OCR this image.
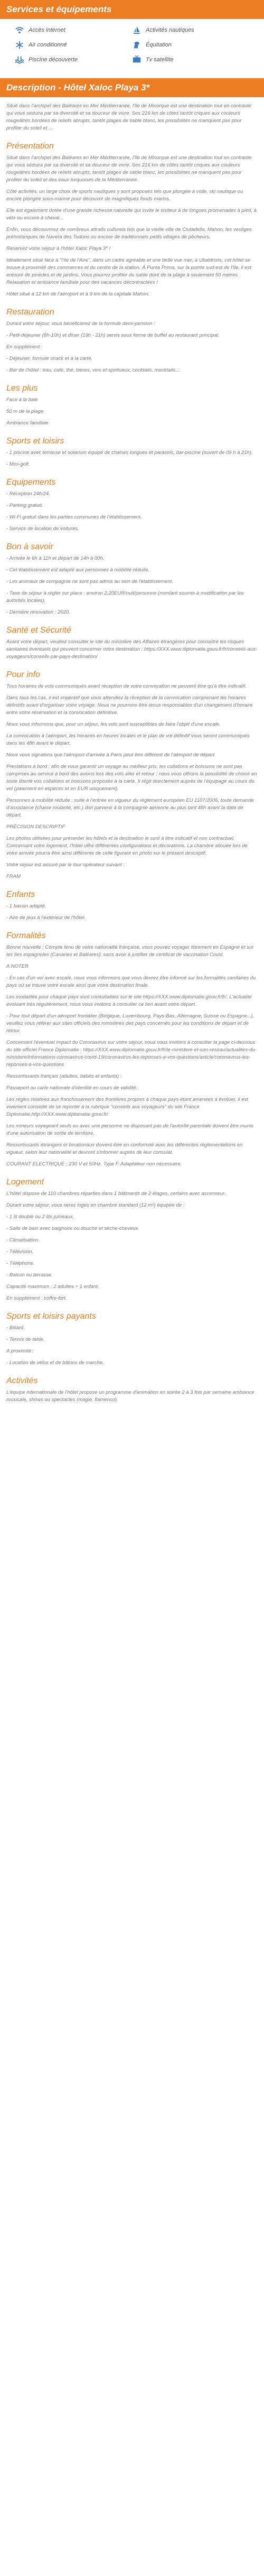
Services et équipements
Accès internet	Activités nautiques
Air conditionné	Équitation
Piscine découverte	Tv satellite
Description - Hôtel Xaloc Playa 3*

Situé dans l'archipel des Baléares en Mer Méditerranée, l'île de Minorque est une destination tout en contraste qui vous séduira par sa diversité et sa douceur de vivre. Ses 216 km de côtes tantôt criques aux couleurs rougeâtres bordées de reliefs abrupts, tantôt plages de sable blanc, les possibilités ne manquent pas pour profiter du soleil et ...

Présentation

Situé dans l'archipel des Baléares en Mer Méditerranée, l'île de Minorque est une destination tout en contraste qui vous séduira par sa diversité et sa douceur de vivre. Ses 216 km de côtes tantôt criques aux couleurs rougeâtres bordées de reliefs abrupts, tantôt plages de sable blanc, les possibilités ne manquent pas pour profiter du soleil et des eaux turquoises de la Méditerranée.

Côté activités, un large choix de sports nautiques y sont proposés tels que plongée à voile, ski nautique ou encore plongée sous-marine pour découvrir de magnifiques fonds marins.

Elle est également dotée d'une grande richesse naturelle qui invite le visiteur à de longues promenades à pied, à vélo ou encore à cheval...

Enfin, vous découvrirez de nombreux attraits culturels tels que la vieille ville de Ciutadella, Mahon, les vestiges préhistoriques de Naveta des Tudons ou encore de traditionnels petits villages de pêcheurs.

Réservez votre séjour à l'hôtel Xaloc Playa 3* !

Idéalement situé face à "l'île de l'Aire", dans un cadre agréable et une belle vue mer, à Ubaldrons, cet hôtel se trouve à proximité des commerces et du centre de la station. À Punta Prima, sur la pointe sud-est de l'île, il est entouré de pinèdes et de jardins. Vous pourrez profiter du sable doré de la plage à seulement 50 mètres. Relaxation et ambiance familiale pour des vacances décontractées !

Hôtel situé à 12 km de l'aéroport et à 9 km de la capitale Mahon.

Restauration

Durant votre séjour, vous bénéficierez de la formule demi-pension :

- Petit-déjeuner (8h-10h) et dîner (19h - 21h) servis sous forme de buffet au restaurant principal.

En supplément :

- Déjeuner, formule snack et à la carte.

- Bar de l'hôtel : eau, café, thé, bières, vins et spiritueux, cocktails, mocktails...

Les plus

Face à la baie

50 m de la plage

Ambiance familiale

Sports et loisirs

- 1 piscine avec terrasse et solarium équipé de chaises longues et parasols, bar-piscine (ouvert de 09 h à 21h).

- Mini-golf.

Equipements

- Réception 24h/24.

- Parking gratuit.

- Wi-Fi gratuit dans les parties communes de l'établissement.

- Service de location de voitures.

Bon à savoir

- Arrivée le 6h à 11h et départ de 14h à 00h.

- Cet établissement est adapté aux personnes à mobilité réduite.

- Les animaux de compagnie ne sont pas admis au sein de l'établissement.

- Taxe de séjour à régler sur place : environ 2,20EUR/nuit/personne (montant soumis à modification par les autorités locales).

- Dernière rénovation : 2020.

Santé et Sécurité

Avant votre départ, veuillez consulter le site du ministère des Affaires étrangères pour connaître les risques sanitaires éventuels qui peuvent concerner votre destination : https://XXX.www.diplomatie.gouv.fr/fr/conseils-aux-voyageurs/conseils-par-pays-destination/

Pour info

Tous horaires de vols communiqués avant réception de votre convocation ne peuvent être qu'à titre indicatif.

Dans tous les cas, il est impératif que vous attendiez la réception de la convocation comprenant les horaires définitifs avant d'organiser votre voyage. Nous ne pourrons être tenus responsables d'un changement d'horaire entre votre réservation et la convocation définitive.

Nous vous informons que, pour un séjour, les vols sont susceptibles de faire l'objet d'une escale.

La convocation à l'aéroport, les horaires en heures locales et le plan de vol définitif vous seront communiqués dans les 48h avant le départ.

Nous vous signalons que l'aéroport d'arrivée à Paris peut être différent de l'aéroport de départ.

Prestations à bord : afin de vous garantir un voyage au meilleur prix, les collations et boissons ne sont pas comprises au service à bord des avions lors des vols aller et retour ; nous vous offrons la possibilité de choisir en toute liberté vos collations et boissons proposés à la carte. Il régit directement auprès de l'équipage au cours du vol (paiement en espèces et en EUR uniquement).

Personnes à mobilité réduite : suite à l'entrée en vigueur du règlement européen EU 1107/2006, toute demande d'assistance (chaise roulante, etc.) doit parvenir à la compagnie aérienne au plus tard 48h avant la date de départ.

PRÉCISION DESCRIPTIF

Les photos utilisées pour présenter les hôtels et la destination le sont à titre indicatif et non contractuel. Concernant votre logement, l'hôtel offre différentes configurations et décorations. La chambre allouée lors de votre arrivée pourra être ainsi différente de celle figurant en photo sur le présent descriptif.

Votre séjour est assuré par le tour opérateur suivant :

FRAM

Enfants

- 1 bassin adapté.

- Aire de jeux à l'extérieur de l'hôtel.

Formalités

Bonne nouvelle : Compte tenu de votre nationalité française, vous pouvez voyager librement en Espagne et sur les îles espagnoles (Canaries et Baléares), sans avoir à justifier de certificat de vaccination Covid.

A NOTER

- En cas d'un vol avec escale, nous vous informons que vous devrez être informé sur les formalités sanitaires du pays où se trouve votre escale ainsi que votre destination finale.

Les modalités pour chaque pays sont consultables sur le site https://XXX.www.diplomatie.gouv.fr/fr/. L'actualité évoluant très régulièrement, nous vous invitons à consulter ce lien avant votre départ.

- Pour tout départ d'un aéroport frontalier (Belgique, Luxembourg, Pays-Bas, Allemagne, Suisse ou Espagne...), veuillez vous référer aux sites officiels des ministères des pays concernés pour les conditions de départ et de retour.

Concernant l'éventuel impact du Coronavirus sur votre séjour, nous vous invitons à consulter la page ci-dessous du site officiel France Diplomatie : https://XXX.www.diplomatie.gouv.fr/fr/le-ministere-et-son-reseau/actualites-du-ministere/informations-coronavirus-covid-19/coronavirus-les-reponses-a-vos-questions/article/coronavirus-les-reponses-a-vos-questions

Ressortissants français (adultes, bébés et enfants) :

Passeport ou carte nationale d'identité en cours de validité.

Les règles relatives aux franchissement des frontières propres à chaque pays étant amenées à évoluer, il est vivement conseillé de se reporter à la rubrique "conseils aux voyageurs" du site France Diplomatie,http://XXX.www.diplomatie.gouv.fr/

Les mineurs voyageant seuls ou avec une personne ne disposant pas de l'autorité parentale doivent être munis d'une autorisation de sortie de territoire.

Ressortissants étrangers et binationaux doivent être en conformité avec les différentes réglementations en vigueur, selon leur nationalité et devront s'informer auprès de leur consulat.

COURANT ELECTRIQUE : 230 V et 50Hz. Type F. Adaptateur non nécessaire.

Logement

L'hôtel dispose de 110 chambres réparties dans 1 bâtiments de 2 étages, certains avec ascenseur.

Durant votre séjour, vous serez logés en chambre standard (12 m²) équipée de :

- 1 lit double ou 2 lits jumeaux.

- Salle de bain avec baignoire ou douche et sèche-cheveux.

- Climatisation.

- Télévision.

- Téléphone.

- Balcon ou terrasse.

Capacité maximum : 2 adultes + 1 enfant.

En supplément : coffre-fort.

Sports et loisirs payants

- Billard.

- Tennis de table.

A proximité :

- Location de vélos et de bâtons de marche.

Activités

L'équipe internationale de l'hôtel propose un programme d'animation en soirée 2 à 3 fois par semaine ambiance musicale, shows ou spectacles (magie, flamenco).
